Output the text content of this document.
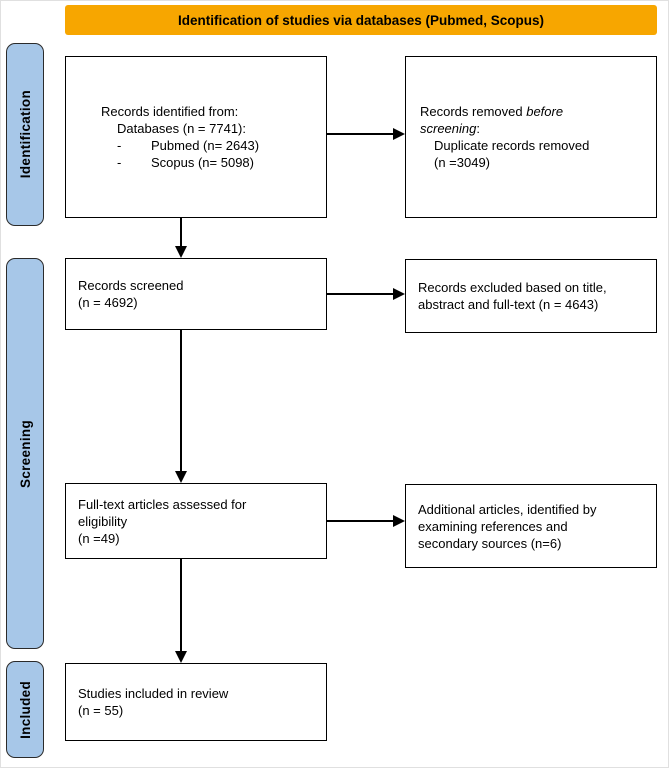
Identification of studies via databases (Pubmed, Scopus)
Identification
Screening
Included
Records identified from:
Databases (n = 7741):
-	Pubmed (n= 2643)
-	Scopus (n= 5098)
Records removed before
screening:
Duplicate records removed
(n =3049)
Records screened
(n = 4692)
Records excluded based on title,
abstract and full-text (n = 4643)
Full-text articles assessed for
eligibility
(n =49)
Additional articles, identified by
examining references and
secondary sources (n=6)
Studies included in review
(n = 55)
